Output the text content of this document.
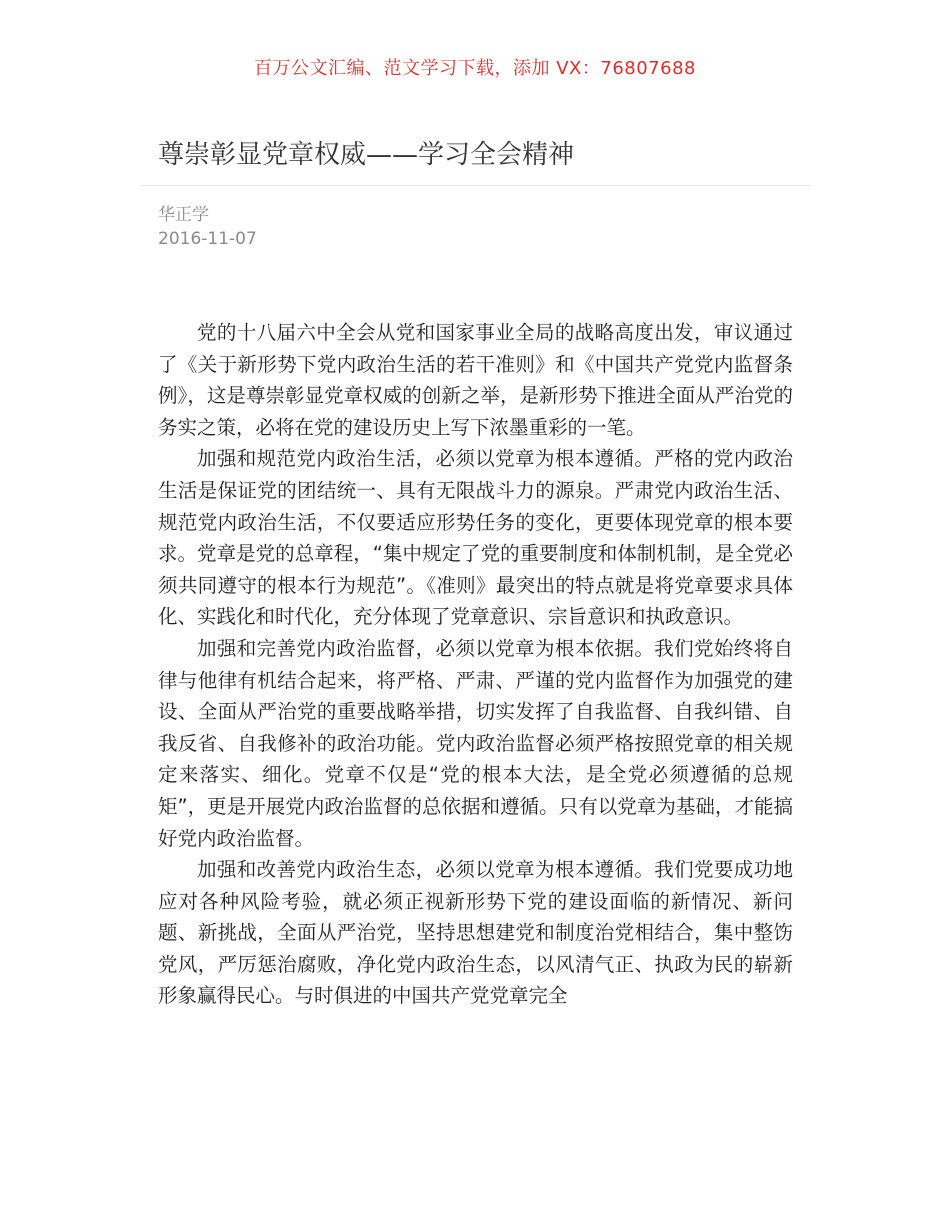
百万公文汇编、范文学习下载，添加 VX：76807688
尊崇彰显党章权威——学习全会精神
华正学
2016-11-07

党的十八届六中全会从党和国家事业全局的战略高度出发，审议通过了《关于新形势下党内政治生活的若干准则》和《中国共产党党内监督条例》，这是尊崇彰显党章权威的创新之举，是新形势下推进全面从严治党的务实之策，必将在党的建设历史上写下浓墨重彩的一笔。

加强和规范党内政治生活，必须以党章为根本遵循。严格的党内政治生活是保证党的团结统一、具有无限战斗力的源泉。严肃党内政治生活、规范党内政治生活，不仅要适应形势任务的变化，更要体现党章的根本要求。党章是党的总章程，“集中规定了党的重要制度和体制机制，是全党必须共同遵守的根本行为规范”。《准则》最突出的特点就是将党章要求具体化、实践化和时代化，充分体现了党章意识、宗旨意识和执政意识。

加强和完善党内政治监督，必须以党章为根本依据。我们党始终将自律与他律有机结合起来，将严格、严肃、严谨的党内监督作为加强党的建设、全面从严治党的重要战略举措，切实发挥了自我监督、自我纠错、自我反省、自我修补的政治功能。党内政治监督必须严格按照党章的相关规定来落实、细化。党章不仅是“党的根本大法，是全党必须遵循的总规矩”，更是开展党内政治监督的总依据和遵循。只有以党章为基础，才能搞好党内政治监督。

加强和改善党内政治生态，必须以党章为根本遵循。我们党要成功地应对各种风险考验，就必须正视新形势下党的建设面临的新情况、新问题、新挑战，全面从严治党，坚持思想建党和制度治党相结合，集中整饬党风，严厉惩治腐败，净化党内政治生态，以风清气正、执政为民的崭新形象赢得民心。与时俱进的中国共产党党章完全
